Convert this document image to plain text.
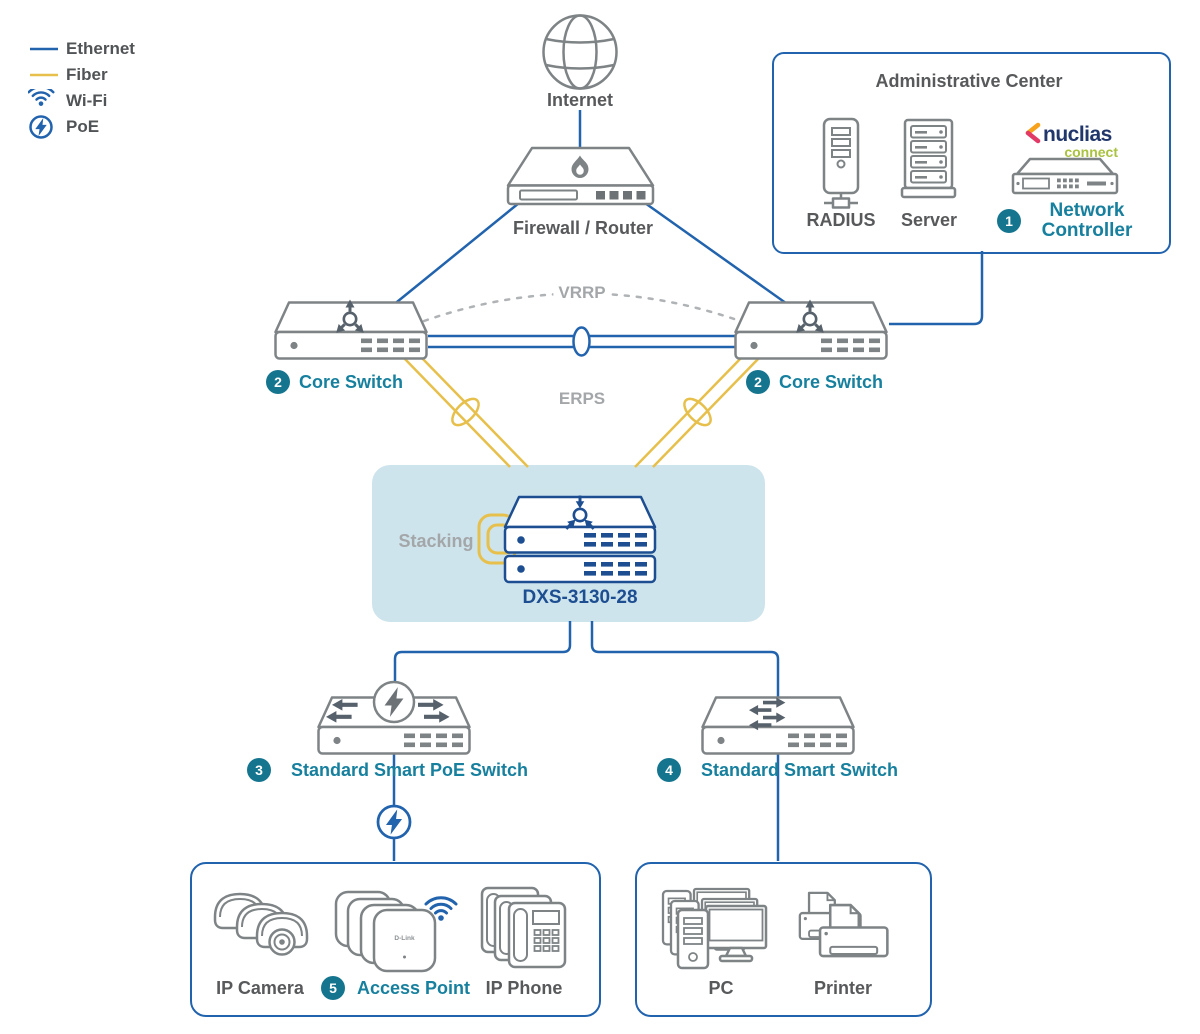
nuclias
connect
D-Link
Ethernet
Fiber
Wi-Fi
PoE
Internet
Firewall / Router
Administrative Center
RADIUS Server	1	Network Controller
2 Core Switch	2 Core Switch
VRRP
ERPS
Stacking
DXS-3130-28
3	Standard Smart PoE Switch	4	Standard Smart Switch
IP Camera	5	Access Point IP Phone	PC	Printer
